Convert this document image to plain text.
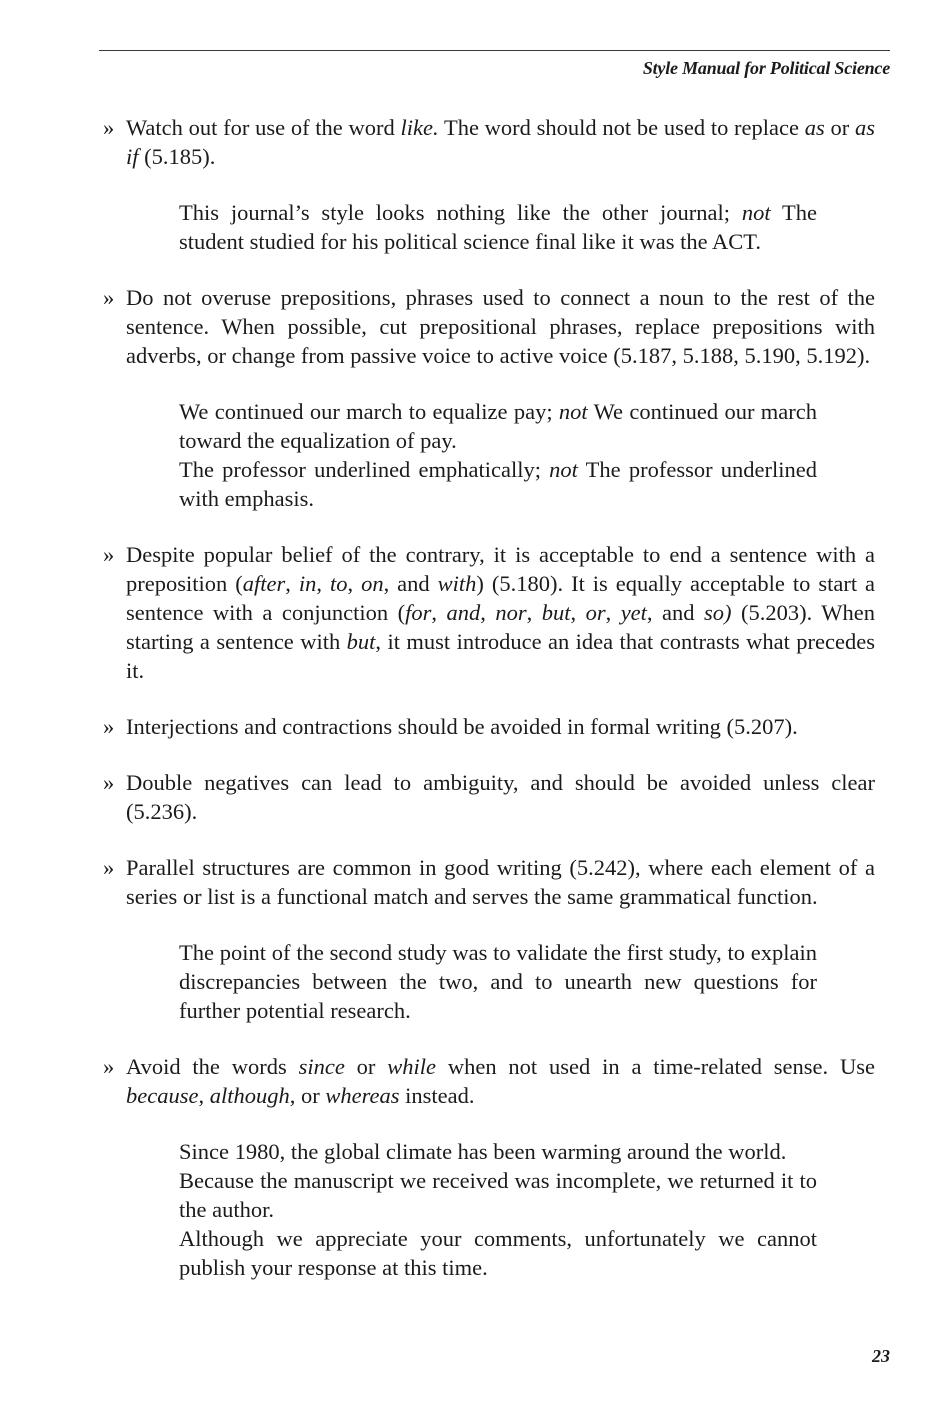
Style Manual for Political Science
» Watch out for use of the word like. The word should not be used to replace as or as if (5.185).

This journal’s style looks nothing like the other journal; not The student studied for his political science final like it was the ACT.

» Do not overuse prepositions, phrases used to connect a noun to the rest of the sentence. When possible, cut prepositional phrases, replace prepositions with adverbs, or change from passive voice to active voice (5.187, 5.188, 5.190, 5.192).

We continued our march to equalize pay; not We continued our march toward the equalization of pay.

The professor underlined emphatically; not The professor underlined with emphasis.

» Despite popular belief of the contrary, it is acceptable to end a sentence with a preposition (after, in, to, on, and with) (5.180). It is equally acceptable to start a sentence with a conjunction (for, and, nor, but, or, yet, and so) (5.203). When starting a sentence with but, it must introduce an idea that contrasts what precedes it.
» Interjections and contractions should be avoided in formal writing (5.207).
» Double negatives can lead to ambiguity, and should be avoided unless clear (5.236).
» Parallel structures are common in good writing (5.242), where each element of a series or list is a functional match and serves the same grammatical function.

The point of the second study was to validate the first study, to explain discrepancies between the two, and to unearth new questions for further potential research.

» Avoid the words since or while when not used in a time-related sense. Use because, although, or whereas instead.

Since 1980, the global climate has been warming around the world.

Because the manuscript we received was incomplete, we returned it to the author.

Although we appreciate your comments, unfortunately we cannot publish your response at this time.

23
